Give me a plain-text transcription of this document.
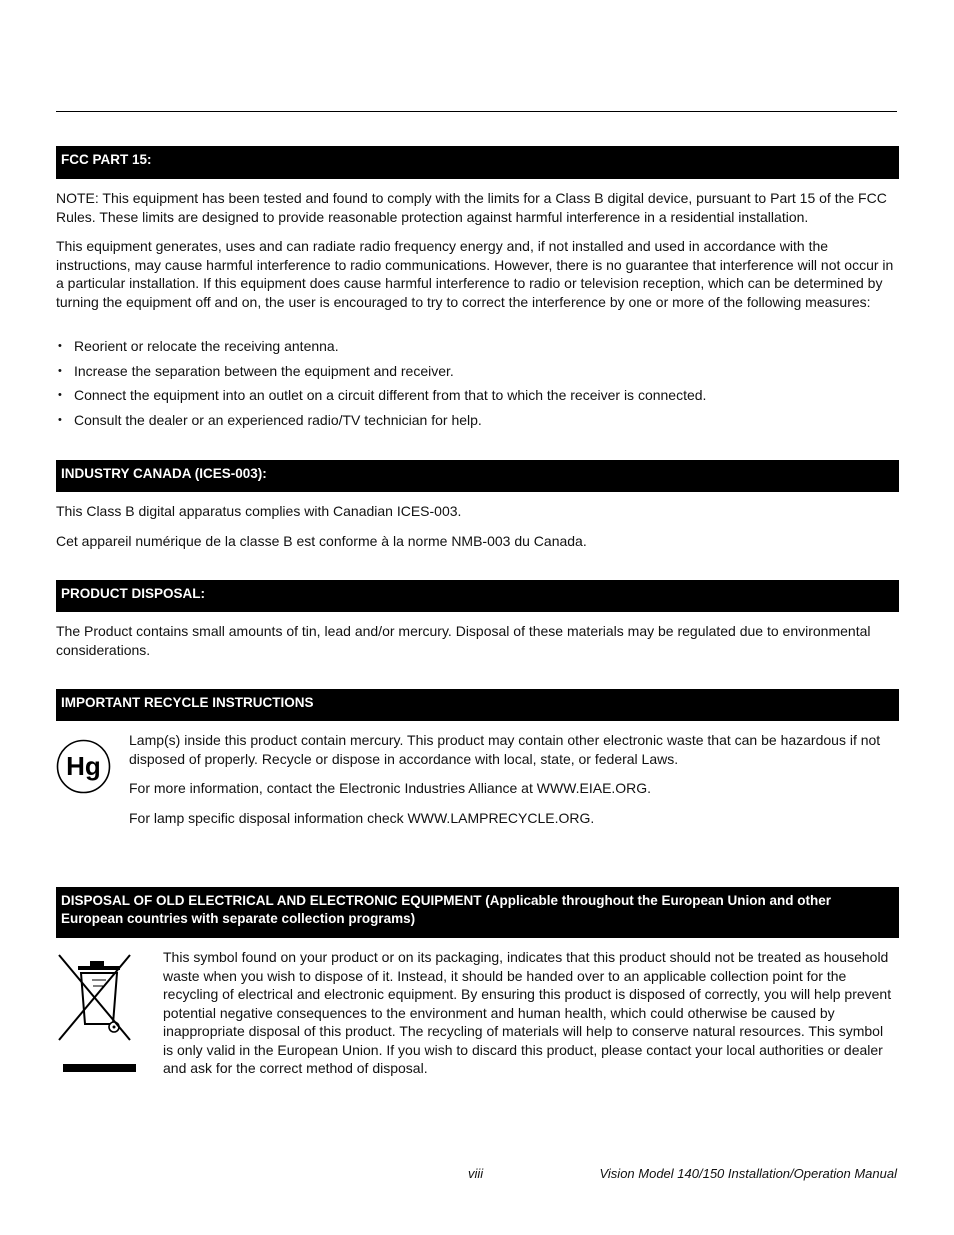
FCC PART 15:

NOTE: This equipment has been tested and found to comply with the limits for a Class B digital device, pursuant to Part 15 of the FCC Rules. These limits are designed to provide reasonable protection against harmful interference in a residential installation.

This equipment generates, uses and can radiate radio frequency energy and, if not installed and used in accordance with the instructions, may cause harmful interference to radio communications. However, there is no guarantee that interference will not occur in a particular installation. If this equipment does cause harmful interference to radio or television reception, which can be determined by turning the equipment off and on, the user is encouraged to try to correct the interference by one or more of the following measures:

• Reorient or relocate the receiving antenna.
• Increase the separation between the equipment and receiver.
• Connect the equipment into an outlet on a circuit different from that to which the receiver is connected.
• Consult the dealer or an experienced radio/TV technician for help.
INDUSTRY CANADA (ICES-003):

This Class B digital apparatus complies with Canadian ICES-003.

Cet appareil numérique de la classe B est conforme à la norme NMB-003 du Canada.

PRODUCT DISPOSAL:

The Product contains small amounts of tin, lead and/or mercury. Disposal of these materials may be regulated due to environmental considerations.

IMPORTANT RECYCLE INSTRUCTIONS
Hg

Lamp(s) inside this product contain mercury. This product may contain other electronic waste that can be hazardous if not disposed of properly. Recycle or dispose in accordance with local, state, or federal Laws.

For more information, contact the Electronic Industries Alliance at WWW.EIAE.ORG.

For lamp specific disposal information check WWW.LAMPRECYCLE.ORG.

DISPOSAL OF OLD ELECTRICAL AND ELECTRONIC EQUIPMENT (Applicable throughout the European Union and other European countries with separate collection programs)

This symbol found on your product or on its packaging, indicates that this product should not be treated as household waste when you wish to dispose of it. Instead, it should be handed over to an applicable collection point for the recycling of electrical and electronic equipment. By ensuring this product is disposed of correctly, you will help prevent potential negative consequences to the environment and human health, which could otherwise be caused by inappropriate disposal of this product. The recycling of materials will help to conserve natural resources. This symbol is only valid in the European Union. If you wish to discard this product, please contact your local authorities or dealer and ask for the correct method of disposal.

viii	Vision Model 140/150 Installation/Operation Manual
